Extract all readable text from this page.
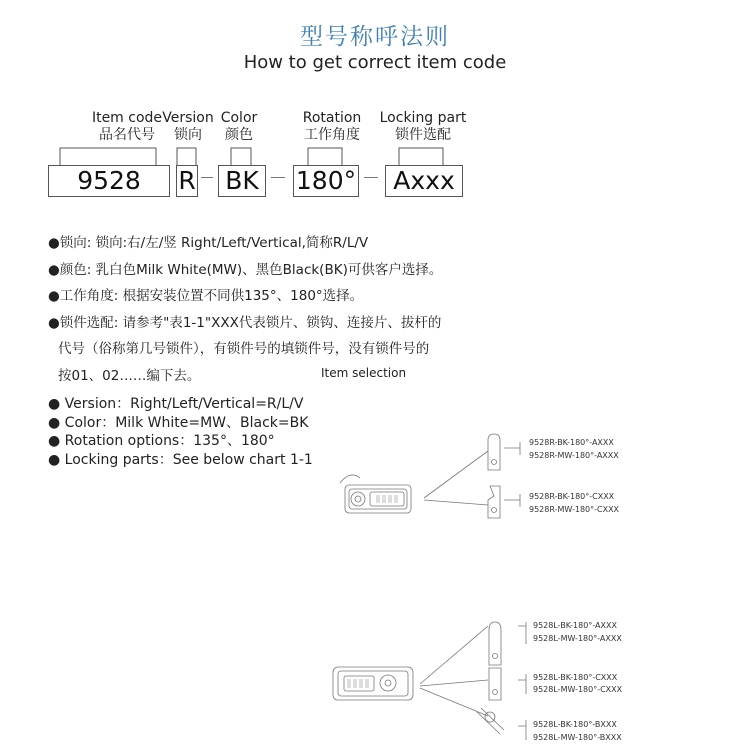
型号称呼法则
How to get correct item code
Item code
品名代号
Version
锁向
Color
颜色
Rotation
工作角度
Locking part
锁件选配
9528	R BK 180°	Axxx
●锁向: 锁向:右/左/竖 Right/Left/Vertical,简称R/L/V
●颜色: 乳白色Milk White(MW)、黑色Black(BK)可供客户选择。
●工作角度: 根据安装位置不同供135°、180°选择。
●锁件选配: 请参考"表1-1"XXX代表锁片、锁钩、连接片、拔杆的
代号（俗称第几号锁件），有锁件号的填锁件号，没有锁件号的
按01、02……编下去。	Item selection
● Version：Right/Left/Vertical=R/L/V
● Color：Milk White=MW、Black=BK
● Rotation options：135°、180°
● Locking parts：See below chart 1-1
9528R-BK-180°-AXXX
9528R-MW-180°-AXXX
9528R-BK-180°-CXXX
9528R-MW-180°-CXXX
9528L-BK-180°-AXXX
9528L-MW-180°-AXXX
9528L-BK-180°-CXXX
9528L-MW-180°-CXXX
9528L-BK-180°-BXXX
9528L-MW-180°-BXXX
